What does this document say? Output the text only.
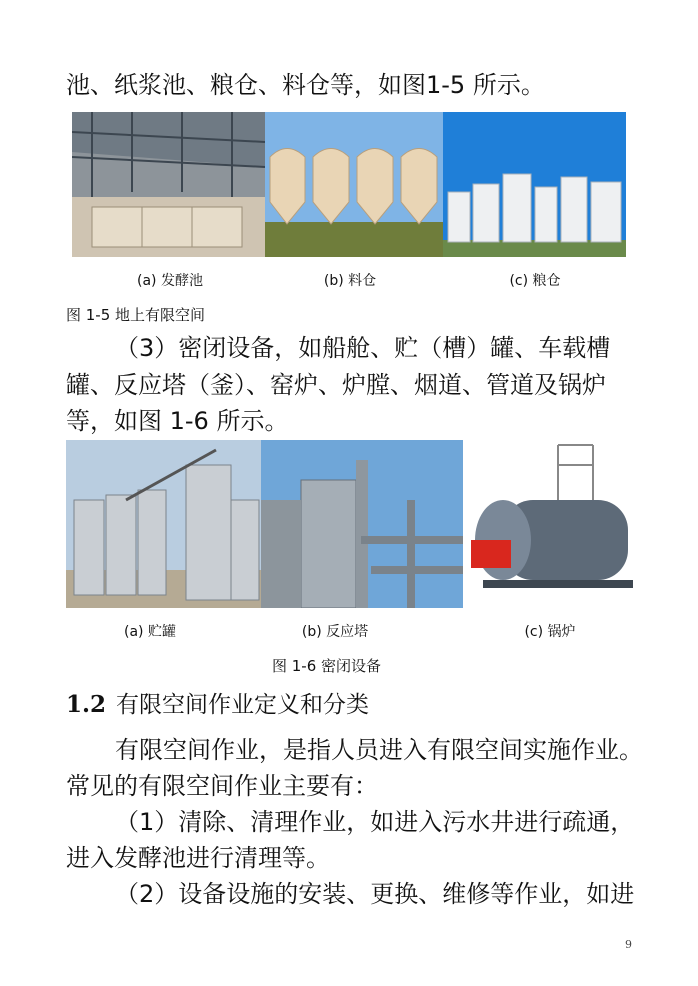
池、纸浆池、粮仓、料仓等，如图1-5 所示。
(a) 发酵池	(b) 料仓	(c) 粮仓
图 1-5 地上有限空间
（3）密闭设备，如船舱、贮（槽）罐、车载槽
罐、反应塔（釜）、窑炉、炉膛、烟道、管道及锅炉
等，如图 1-6 所示。
(a) 贮罐	(b) 反应塔	(c) 锅炉
图 1-6 密闭设备
1.2 有限空间作业定义和分类
有限空间作业，是指人员进入有限空间实施作业。
常见的有限空间作业主要有：
（1）清除、清理作业，如进入污水井进行疏通，
进入发酵池进行清理等。
（2）设备设施的安装、更换、维修等作业，如进
9
